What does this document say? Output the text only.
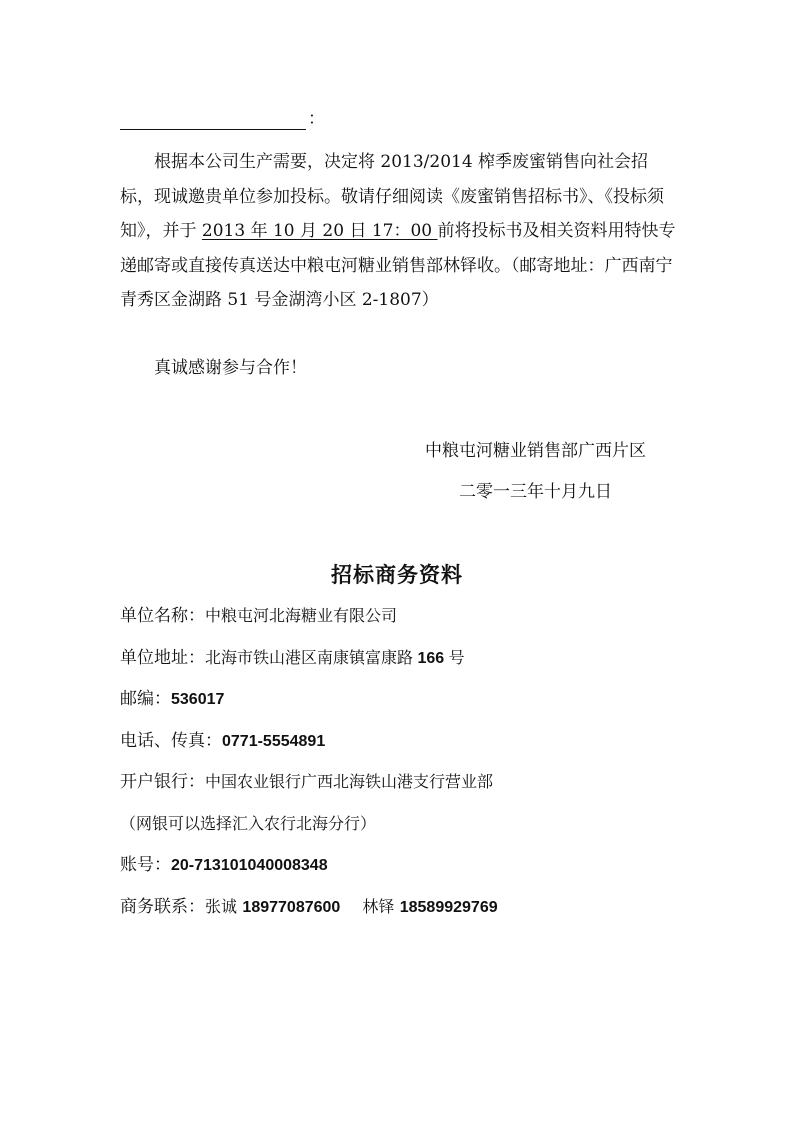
：

根据本公司生产需要，决定将 2013/2014 榨季废蜜销售向社会招标，现诚邀贵单位参加投标。敬请仔细阅读《废蜜销售招标书》、《投标须知》，并于 2013 年 10 月 20 日 17：00 前将投标书及相关资料用特快专递邮寄或直接传真送达中粮屯河糖业销售部林铎收。（邮寄地址：广西南宁青秀区金湖路 51 号金湖湾小区 2-1807）

真诚感谢参与合作！
中粮屯河糖业销售部广西片区
二零一三年十月九日
招标商务资料
单位名称：中粮屯河北海糖业有限公司
单位地址：北海市铁山港区南康镇富康路 166 号
邮编：536017
电话、传真：0771-5554891
开户银行：中国农业银行广西北海铁山港支行营业部
（网银可以选择汇入农行北海分行）
账号：20-713101040008348
商务联系：张诚 18977087600 林铎 18589929769
